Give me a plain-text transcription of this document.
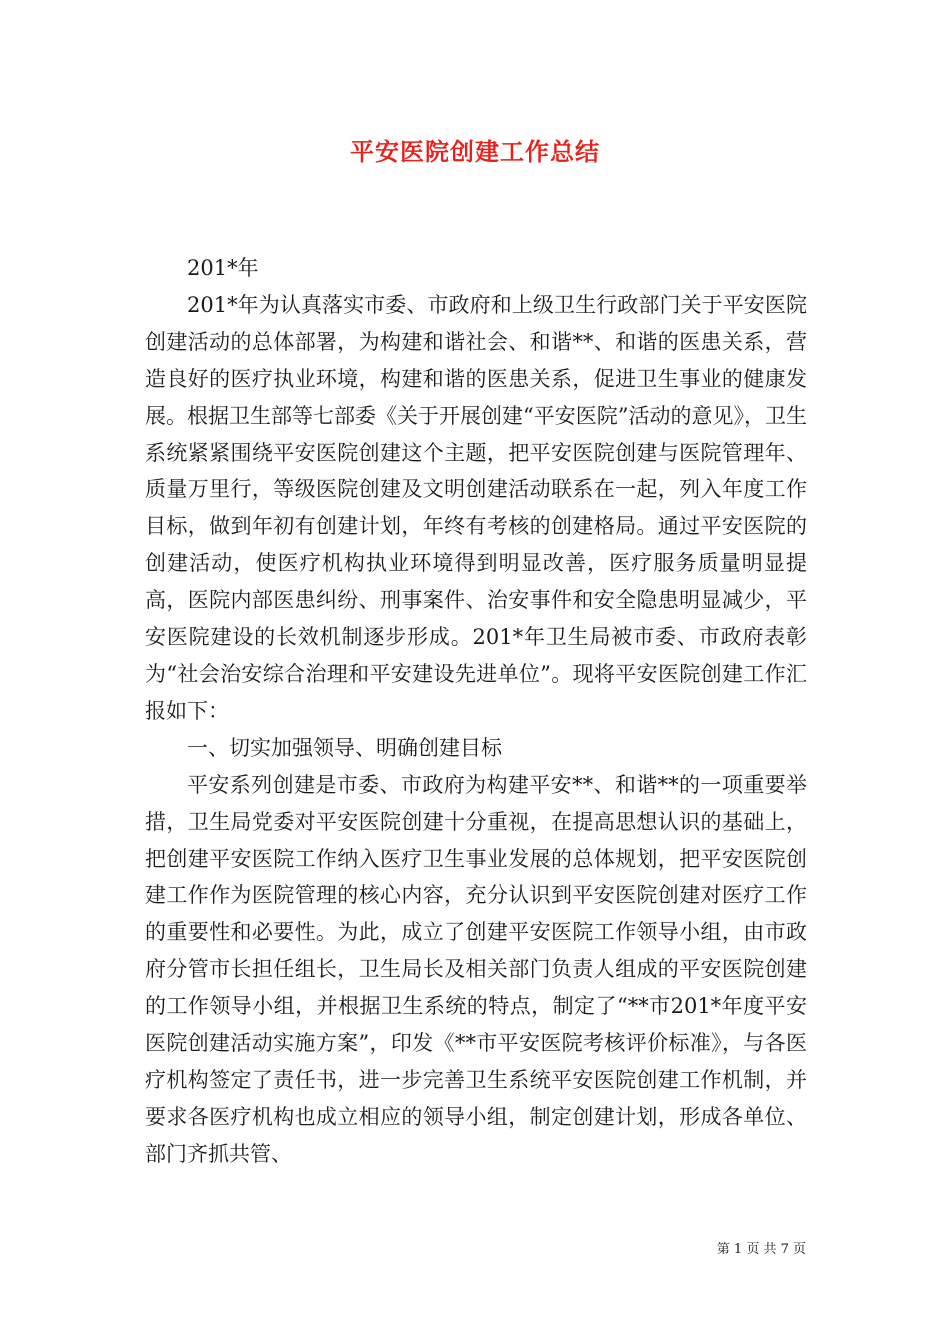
平安医院创建工作总结

201*年

201*年为认真落实市委、市政府和上级卫生行政部门关于平安医院创建活动的总体部署，为构建和谐社会、和谐**、和谐的医患关系，营造良好的医疗执业环境，构建和谐的医患关系，促进卫生事业的健康发展。根据卫生部等七部委《关于开展创建“平安医院”活动的意见》，卫生系统紧紧围绕平安医院创建这个主题，把平安医院创建与医院管理年、质量万里行，等级医院创建及文明创建活动联系在一起，列入年度工作目标，做到年初有创建计划，年终有考核的创建格局。通过平安医院的创建活动，使医疗机构执业环境得到明显改善，医疗服务质量明显提高，医院内部医患纠纷、刑事案件、治安事件和安全隐患明显减少，平安医院建设的长效机制逐步形成。201*年卫生局被市委、市政府表彰为“社会治安综合治理和平安建设先进单位”。现将平安医院创建工作汇报如下：

一、切实加强领导、明确创建目标

平安系列创建是市委、市政府为构建平安**、和谐**的一项重要举措，卫生局党委对平安医院创建十分重视，在提高思想认识的基础上，把创建平安医院工作纳入医疗卫生事业发展的总体规划，把平安医院创建工作作为医院管理的核心内容，充分认识到平安医院创建对医疗工作的重要性和必要性。为此，成立了创建平安医院工作领导小组，由市政府分管市长担任组长，卫生局长及相关部门负责人组成的平安医院创建的工作领导小组，并根据卫生系统的特点，制定了“**市201*年度平安医院创建活动实施方案”，印发《**市平安医院考核评价标准》，与各医疗机构签定了责任书，进一步完善卫生系统平安医院创建工作机制，并要求各医疗机构也成立相应的领导小组，制定创建计划，形成各单位、部门齐抓共管、

第 1 页 共 7 页
